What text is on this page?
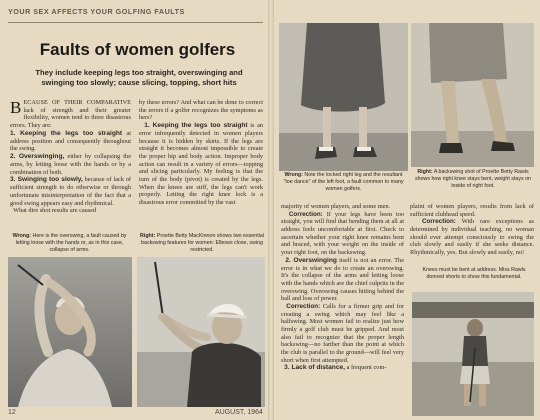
YOUR SEX AFFECTS YOUR GOLFING FAULTS
Faults of women golfers
They include keeping legs too straight, overswinging and swinging too slowly; cause slicing, topping, short hits

BECAUSE OF THEIR COMPARATIVE lack of strength and their greater flexibility, women tend to three disastrous errors. They are:

1. Keeping the legs too straight at address position and consequently throughout the swing.

2. Overswinging, either by collapsing the arms, by letting loose with the hands or by a combination of both.

3. Swinging too slowly, because of lack of sufficient strength to do otherwise or through unfortunate misinterpretation of the fact that a good swing appears easy and rhythmical.

What dire shot results are caused

by these errors? And what can be done to correct the errors if a golfer recognizes the symptoms as hers?

1. Keeping the legs too straight is an error infrequently detected in women players because it is hidden by skirts. If the legs are straight it becomes almost impossible to create the proper hip and body action. Improper body action can result in a variety of errors—topping and slicing particularly. My feeling is that the turn of the body (pivot) is created by the legs. When the knees are stiff, the legs can't work properly. Letting the right knee lock is a disastrous error committed by the vast

Wrong: Here is the overswing, a fault caused by letting loose with the hands or, as in this case, collapse of arms.
Right: Proette Betty MacKinnon shows two essential backswing features for women: Elbows close, swing restricted.
12	AUGUST, 1964
Wrong: Note the locked right leg and the resultant "toe dance" of the left foot, a fault common to many women golfers.
Right: A backswing shot of Proette Betty Rawls shows how right knee stays bent, weight stays on inside of right foot.

majority of women players, and some men.

Correction: If your legs have been too straight, you will find that bending them at all at address feels uncomfortable at first. Check to ascertain whether your right knee remains bent and braced, with your weight on the inside of your right foot, on the backswing.

2. Overswinging itself is not an error. The error is in what we do to create an overswing. It's the collapse of the arms and letting loose with the hands which are the chief culprits in the overswing. Overswing causes hitting behind the ball and loss of power.

Correction: Calls for a firmer grip and for creating a swing which may feel like a halfswing. Most women fail to realize just how firmly a golf club must be gripped. And most also fail to recognize that the proper length backswing—no farther than the point at which the club is parallel to the ground—will feel very short when first attempted.

3. Lack of distance, a frequent com-

plaint of women players, results from lack of sufficient clubhead speed.

Correction: With rare exceptions as determined by individual teaching, no woman should ever attempt consciously to swing the club slowly and easily if she seeks distance. Rhythmically, yes. But slowly and easily, no!

Knees must be bent at address. Miss Rawls donned shorts to show this fundamental.
